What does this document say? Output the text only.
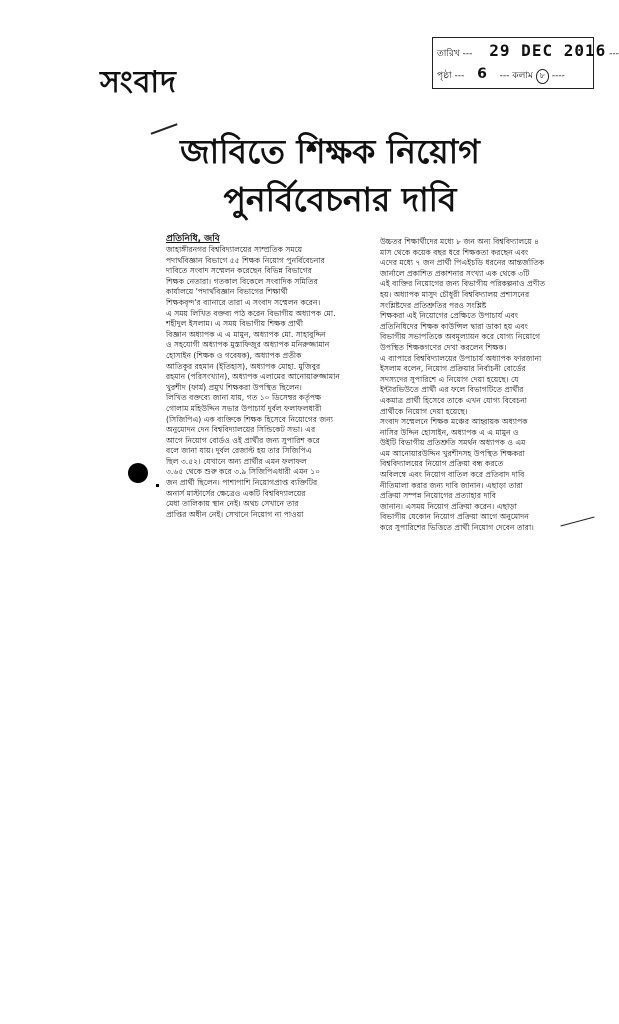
সংবাদ
তারিখ --- 29 DEC 2016 ---
পৃষ্ঠা --- 6 --- কলাম ৮ ----
জাবিতে শিক্ষক নিয়োগ
পুনর্বিবেচনার দাবি
প্রতিনিধি, জবি
জাহাঙ্গীরনগর বিশ্ববিদ্যালয়ের সাম্প্রতিক সময়ে
পদার্থবিজ্ঞান বিভাগে ৫৫ শিক্ষক নিয়োগ পুনর্বিবেচনার
দাবিতে সংবাদ সম্মেলন করেছেন বিভিন্ন বিভাগের
শিক্ষক নেতারা। গতকাল বিকেলে সংবাদিক সমিতির
কার্যালয়ে 'পদার্থবিজ্ঞান বিভাগের শিক্ষার্থী
শিক্ষকবৃন্দ'র ব্যানারে তারা এ সংবাদ সম্মেলন করেন।
এ সময় লিখিত বক্তব্য পাঠ করেন বিভাগীয় অধ্যাপক মো.
শহীদুল ইসলাম। এ সময় বিভাগীয় শিক্ষক প্রার্থী
বিজ্ঞান অধ্যাপক এ এ মামুন, অধ্যাপক মো. সাহাবুদ্দিন
ও সহযোগী অধ্যাপক মুস্তাফিজুর অধ্যাপক মনিরুজ্জামান
হোসাইন (শিক্ষক ও গবেষক), অধ্যাপক প্রতীক
আতিকুর রহমান (ইতিহাস), অধ্যাপক মোহা. মুজিবুর
রহমান (পরিসংখ্যান), অধ্যাপক এলামের আনোয়ারুজ্জামান
খুরশীদ (ফার্ম) প্রমুখ শিক্ষকরা উপস্থিত ছিলেন।
লিখিত বক্তব্যে জানা যায়, গত ১০ ডিসেম্বর কর্তৃপক্ষ
গোলাম মহিউদ্দিন সভার উপাচার্য দুর্বল ফলাফলধারী
(সিজিপিএ) এক ব্যক্তিকে শিক্ষক হিসেবে নিয়োগের জন্য
অনুমোদন দেন বিশ্ববিদ্যালয়ের সিন্ডিকেট সভা। এর
আগে নিয়োগ বোর্ডও ওই প্রার্থীর জন্য সুপারিশ করে
বলে জানা যায়। দুর্বল রেজাল্ট হয় তার সিজিপিএ
ছিল ৩.৫২। যেখানে অন্য প্রার্থীর এমন ফলাফল
৩.৬৫ থেকে শুরু করে ৩.৯ সিজিপিএধারী এমন ১০
জন প্রার্থী ছিলেন। পাশাপাশি নিয়োগপ্রাপ্ত ব্যক্তিটির
অনার্স মাস্টার্সের ক্ষেত্রেও একটি বিশ্ববিদ্যালয়ের
মেধা তালিকায় স্থান নেই। অথচ সেখানে তার
প্রাপ্তির অধীন নেই। সেখানে নিয়োগ না পাওয়া
উচ্চতর শিক্ষার্থীদের মধ্যে ৮ জন অন্য বিশ্ববিদ্যালয়ে ৪
মাস থেকে কয়েক বছর ধরে শিক্ষকতা করছেন এবং
এদের মধ্যে ৭ জন প্রার্থী পিএইচডি ধরনের আন্তর্জাতিক
জার্নালে প্রকাশিত প্রকাশনার সংখ্যা এক থেকে ৩টি
এই ব্যক্তির নিয়োগের জন্য বিভাগীয় পরিকল্পনাও প্রণীত
হয়। অধ্যাপক মাসুদ চৌধুরী বিশ্ববিদ্যালয় প্রশাসনের
সংশ্লিষ্টদের প্রতিশ্রুতির পরও সংশ্লিষ্ট
শিক্ষকরা এই নিয়োগের প্রেক্ষিতে উপাচার্য এবং
প্রতিনিধিদের শিক্ষক কাউন্সিল দ্বারা ডাকা হয় এবং
বিভাগীয় সভাপতিকে অবমূল্যায়ন করে যোগ্য নিয়োগে
উপস্থিত শিক্ষকগণের দেখা করলেন শিক্ষক।
এ ব্যাপারে বিশ্ববিদ্যালয়ের উপাচার্য অধ্যাপক ফারজানা
ইসলাম বলেন, নিয়োগ প্রক্রিয়ার নির্বাচনী বোর্ডের
সদস্যদের সুপারিশে এ নিয়োগ দেয়া হয়েছে। যে
ইন্টারভিউতে প্রার্থী এর ফলে বিভাগটিতে প্রার্থীর
একমাত্র প্রার্থী হিসেবে তাকে এখন যোগ্য বিবেচনা
প্রার্থীকে নিয়োগ দেয়া হয়েছে।
সংবাদ সম্মেলনে শিক্ষক মঞ্চের আহ্বায়ক অধ্যাপক
নাসির উদ্দিন হোসাইন, অধ্যাপক এ এ মামুন ও
উইটি বিভাগীয় প্রতিশ্রুতি সমর্থন অধ্যাপক ও এম
এম আনোয়ারউদ্দিন খুরশীদসহ উপস্থিত শিক্ষকরা
বিশ্ববিদ্যালয়ের নিয়োগ প্রক্রিয়া বন্ধ করতে
অবিলম্বে এবং নিয়োগ বাতিল করে প্রতিবাদ দাবি
নীতিমালা করার জন্য দাবি জানান। এছাড়া তারা
প্রক্রিয়া সম্পন্ন নিয়োগের প্রত্যাহার দাবি
জানান। এসময় নিয়োগ প্রক্রিয়া করেন। এছাড়া
বিভাগীয় যেকোন নিয়োগ প্রক্রিয়া আগে অনুমোদন
করে সুপারিশের ভিত্তিতে প্রার্থী নিয়োগ দেবেন তারা।
